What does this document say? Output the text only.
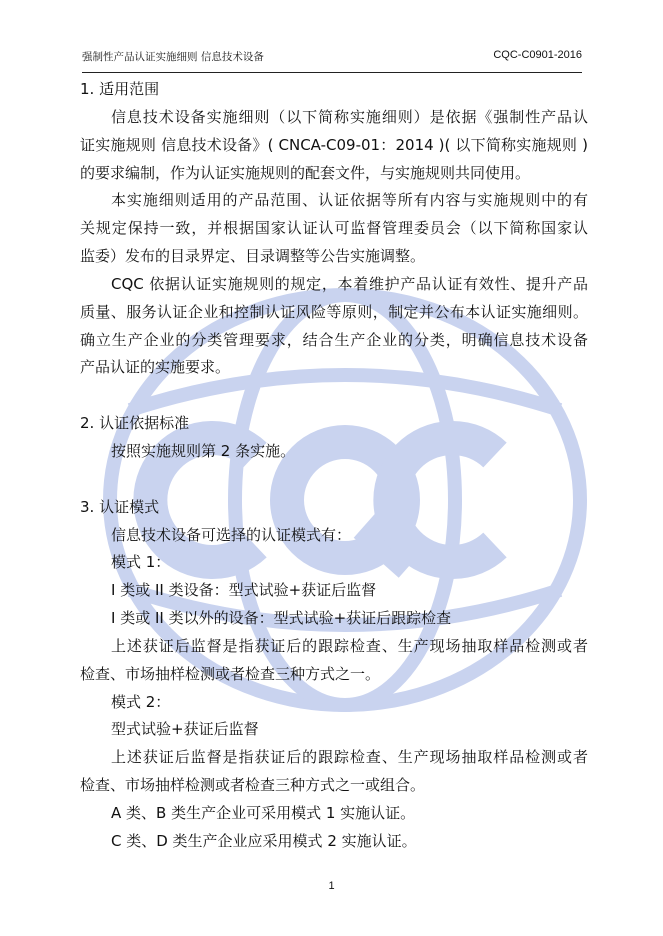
强制性产品认证实施细则 信息技术设备	CQC-C0901-2016
1. 适用范围
信息技术设备实施细则（以下简称实施细则）是依据《强制性产品认
证实施规则 信息技术设备》( CNCA-C09-01：2014 )( 以下简称实施规则 )
的要求编制，作为认证实施规则的配套文件，与实施规则共同使用。
本实施细则适用的产品范围、认证依据等所有内容与实施规则中的有
关规定保持一致，并根据国家认证认可监督管理委员会（以下简称国家认
监委）发布的目录界定、目录调整等公告实施调整。
CQC 依据认证实施规则的规定，本着维护产品认证有效性、提升产品
质量、服务认证企业和控制认证风险等原则，制定并公布本认证实施细则。
确立生产企业的分类管理要求，结合生产企业的分类，明确信息技术设备
产品认证的实施要求。
2. 认证依据标准
按照实施规则第 2 条实施。
3. 认证模式
信息技术设备可选择的认证模式有：
模式 1：
I 类或 II 类设备：型式试验+获证后监督
I 类或 II 类以外的设备：型式试验+获证后跟踪检查
上述获证后监督是指获证后的跟踪检查、生产现场抽取样品检测或者
检查、市场抽样检测或者检查三种方式之一。
模式 2：
型式试验+获证后监督
上述获证后监督是指获证后的跟踪检查、生产现场抽取样品检测或者
检查、市场抽样检测或者检查三种方式之一或组合。
A 类、B 类生产企业可采用模式 1 实施认证。
C 类、D 类生产企业应采用模式 2 实施认证。
1
